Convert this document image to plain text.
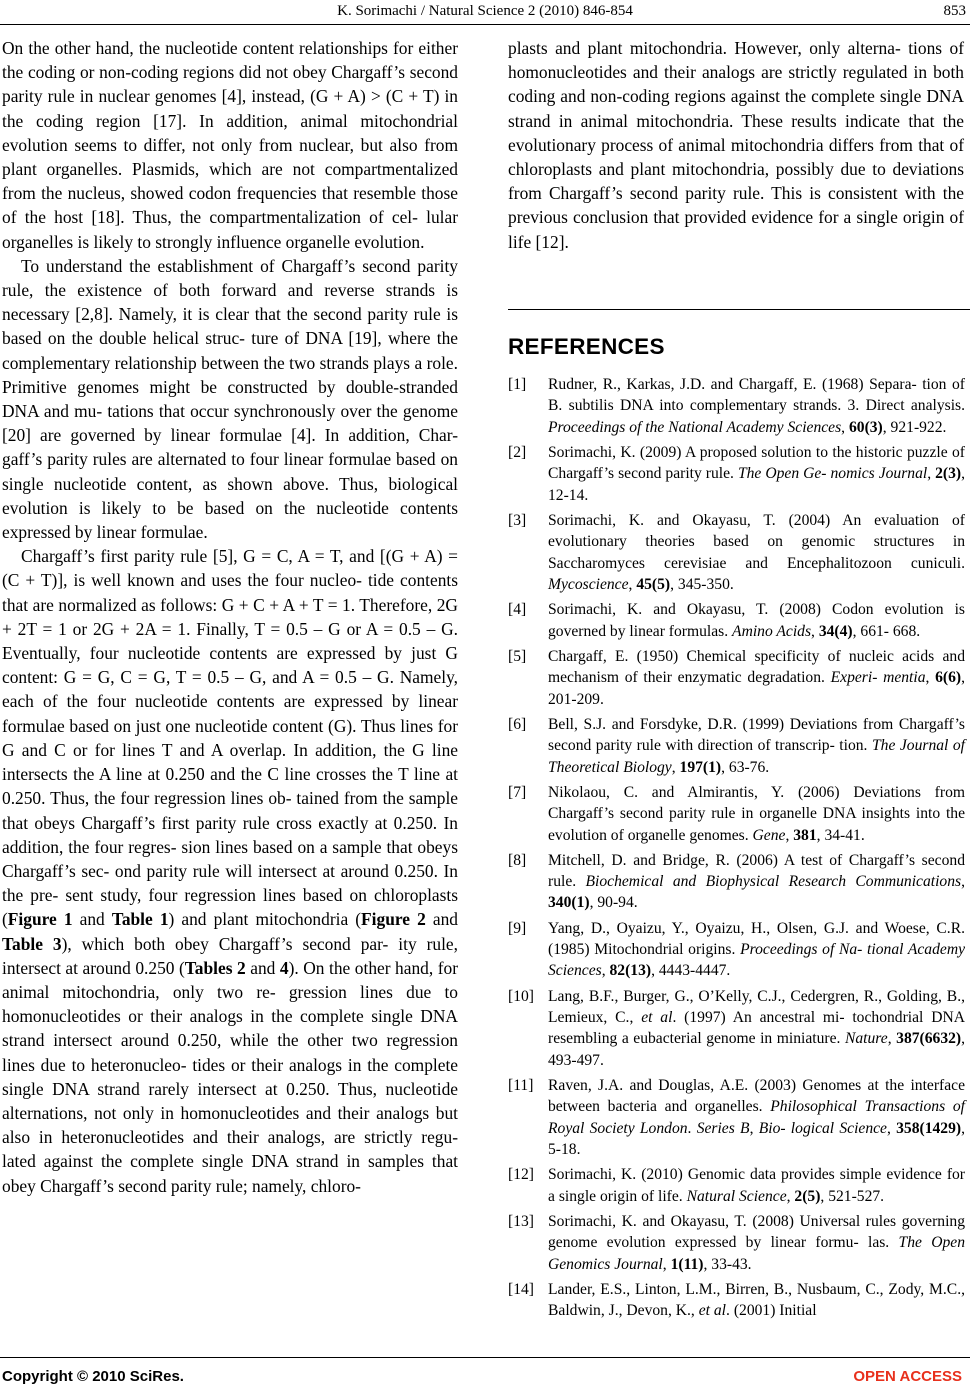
K. Sorimachi / Natural Science 2 (2010) 846-854	853

On the other hand, the nucleotide content relationships for either the coding or non-coding regions did not obey Chargaff’s second parity rule in nuclear genomes [4], instead, (G + A) > (C + T) in the coding region [17]. In addition, animal mitochondrial evolution seems to differ, not only from nuclear, but also from plant organelles. Plasmids, which are not compartmentalized from the nucleus, showed codon frequencies that resemble those of the host [18]. Thus, the compartmentalization of cel- lular organelles is likely to strongly influence organelle evolution.

To understand the establishment of Chargaff’s second parity rule, the existence of both forward and reverse strands is necessary [2,8]. Namely, it is clear that the second parity rule is based on the double helical struc- ture of DNA [19], where the complementary relationship between the two strands plays a role. Primitive genomes might be constructed by double-stranded DNA and mu- tations that occur synchronously over the genome [20] are governed by linear formulae [4]. In addition, Char- gaff’s parity rules are alternated to four linear formulae based on single nucleotide content, as shown above. Thus, biological evolution is likely to be based on the nucleotide contents expressed by linear formulae.

Chargaff’s first parity rule [5], G = C, A = T, and [(G + A) = (C + T)], is well known and uses the four nucleo- tide contents that are normalized as follows: G + C + A + T = 1. Therefore, 2G + 2T = 1 or 2G + 2A = 1. Finally, T = 0.5 – G or A = 0.5 – G. Eventually, four nucleotide contents are expressed by just G content: G = G, C = G, T = 0.5 – G, and A = 0.5 – G. Namely, each of the four nucleotide contents are expressed by linear formulae based on just one nucleotide content (G). Thus lines for G and C or for lines T and A overlap. In addition, the G line intersects the A line at 0.250 and the C line crosses the T line at 0.250. Thus, the four regression lines ob- tained from the sample that obeys Chargaff’s first parity rule cross exactly at 0.250. In addition, the four regres- sion lines based on a sample that obeys Chargaff’s sec- ond parity rule will intersect at around 0.250. In the pre- sent study, four regression lines based on chloroplasts (Figure 1 and Table 1) and plant mitochondria (Figure 2 and Table 3), which both obey Chargaff’s second par- ity rule, intersect at around 0.250 (Tables 2 and 4). On the other hand, for animal mitochondria, only two re- gression lines due to homonucleotides or their analogs in the complete single DNA strand intersect around 0.250, while the other two regression lines due to heteronucleo- tides or their analogs in the complete single DNA strand rarely intersect at 0.250. Thus, nucleotide alternations, not only in homonucleotides and their analogs but also in heteronucleotides and their analogs, are strictly regu- lated against the complete single DNA strand in samples that obey Chargaff’s second parity rule; namely, chloro-

plasts and plant mitochondria. However, only alterna- tions of homonucleotides and their analogs are strictly regulated in both coding and non-coding regions against the complete single DNA strand in animal mitochondria. These results indicate that the evolutionary process of animal mitochondria differs from that of chloroplasts and plant mitochondria, possibly due to deviations from Chargaff’s second parity rule. This is consistent with the previous conclusion that provided evidence for a single origin of life [12].

REFERENCES
[1] Rudner, R., Karkas, J.D. and Chargaff, E. (1968) Separa- tion of B. subtilis DNA into complementary strands. 3. Direct analysis. Proceedings of the National Academy Sciences, 60(3), 921-922.
[2] Sorimachi, K. (2009) A proposed solution to the historic puzzle of Chargaff’s second parity rule. The Open Ge- nomics Journal, 2(3), 12-14.
[3] Sorimachi, K. and Okayasu, T. (2004) An evaluation of evolutionary theories based on genomic structures in Saccharomyces cerevisiae and Encephalitozoon cuniculi. Mycoscience, 45(5), 345-350.
[4] Sorimachi, K. and Okayasu, T. (2008) Codon evolution is governed by linear formulas. Amino Acids, 34(4), 661- 668.
[5] Chargaff, E. (1950) Chemical specificity of nucleic acids and mechanism of their enzymatic degradation. Experi- mentia, 6(6), 201-209.
[6] Bell, S.J. and Forsdyke, D.R. (1999) Deviations from Chargaff’s second parity rule with direction of transcrip- tion. The Journal of Theoretical Biology, 197(1), 63-76.
[7] Nikolaou, C. and Almirantis, Y. (2006) Deviations from Chargaff’s second parity rule in organelle DNA insights into the evolution of organelle genomes. Gene, 381, 34-41.
[8] Mitchell, D. and Bridge, R. (2006) A test of Chargaff’s second rule. Biochemical and Biophysical Research Communications, 340(1), 90-94.
[9] Yang, D., Oyaizu, Y., Oyaizu, H., Olsen, G.J. and Woese, C.R. (1985) Mitochondrial origins. Proceedings of Na- tional Academy Sciences, 82(13), 4443-4447.
[10] Lang, B.F., Burger, G., O’Kelly, C.J., Cedergren, R., Golding, B., Lemieux, C., et al. (1997) An ancestral mi- tochondrial DNA resembling a eubacterial genome in miniature. Nature, 387(6632), 493-497.
[11] Raven, J.A. and Douglas, A.E. (2003) Genomes at the interface between bacteria and organelles. Philosophical Transactions of Royal Society London. Series B, Bio- logical Science, 358(1429), 5-18.
[12] Sorimachi, K. (2010) Genomic data provides simple evidence for a single origin of life. Natural Science, 2(5), 521-527.
[13] Sorimachi, K. and Okayasu, T. (2008) Universal rules governing genome evolution expressed by linear formu- las. The Open Genomics Journal, 1(11), 33-43.
[14] Lander, E.S., Linton, L.M., Birren, B., Nusbaum, C., Zody, M.C., Baldwin, J., Devon, K., et al. (2001) Initial
Copyright © 2010 SciRes.	OPEN ACCESS
